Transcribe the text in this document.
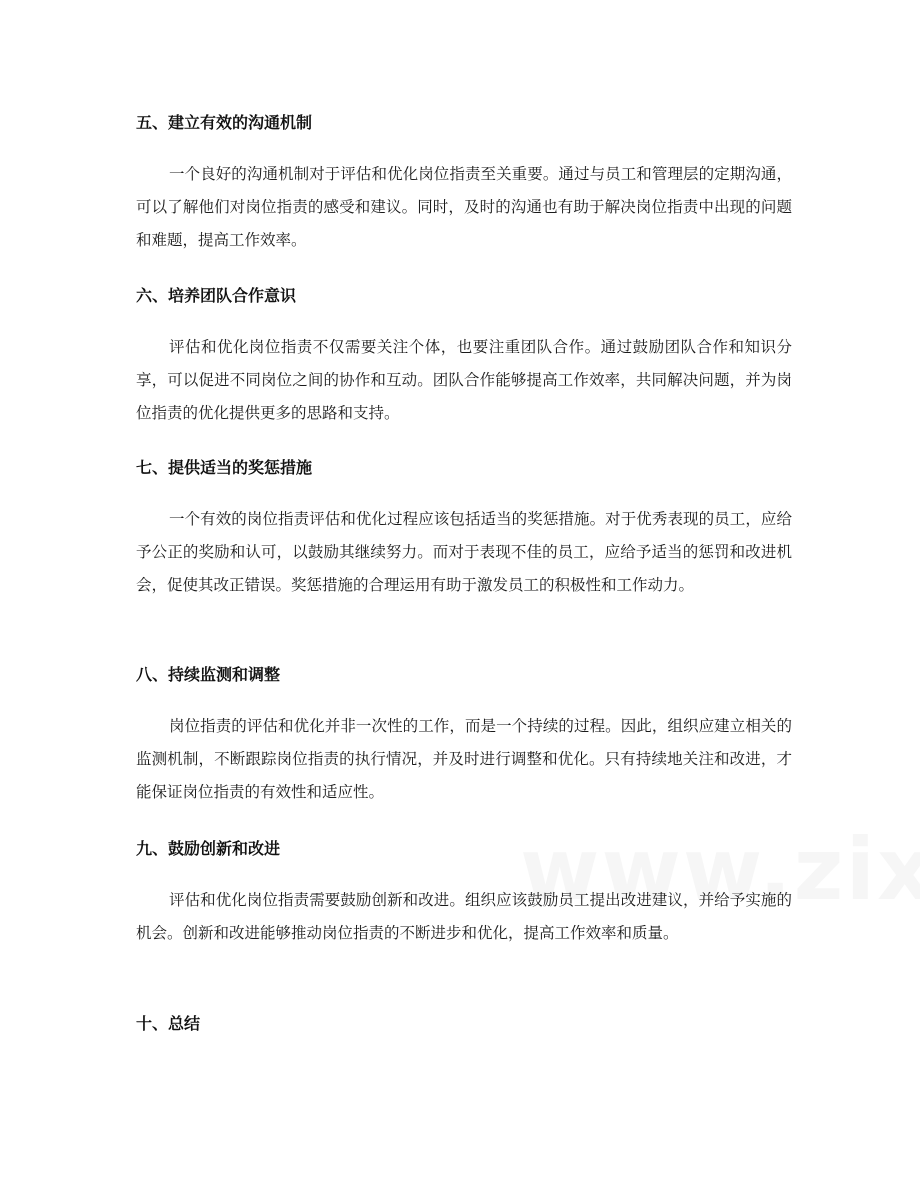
五、建立有效的沟通机制

一个良好的沟通机制对于评估和优化岗位指责至关重要。通过与员工和管理层的定期沟通，可以了解他们对岗位指责的感受和建议。同时，及时的沟通也有助于解决岗位指责中出现的问题和难题，提高工作效率。

六、培养团队合作意识

评估和优化岗位指责不仅需要关注个体，也要注重团队合作。通过鼓励团队合作和知识分享，可以促进不同岗位之间的协作和互动。团队合作能够提高工作效率，共同解决问题，并为岗位指责的优化提供更多的思路和支持。

七、提供适当的奖惩措施

一个有效的岗位指责评估和优化过程应该包括适当的奖惩措施。对于优秀表现的员工，应给予公正的奖励和认可，以鼓励其继续努力。而对于表现不佳的员工，应给予适当的惩罚和改进机会，促使其改正错误。奖惩措施的合理运用有助于激发员工的积极性和工作动力。

八、持续监测和调整

岗位指责的评估和优化并非一次性的工作，而是一个持续的过程。因此，组织应建立相关的监测机制，不断跟踪岗位指责的执行情况，并及时进行调整和优化。只有持续地关注和改进，才能保证岗位指责的有效性和适应性。

九、鼓励创新和改进

评估和优化岗位指责需要鼓励创新和改进。组织应该鼓励员工提出改进建议，并给予实施的机会。创新和改进能够推动岗位指责的不断进步和优化，提高工作效率和质量。

十、总结
